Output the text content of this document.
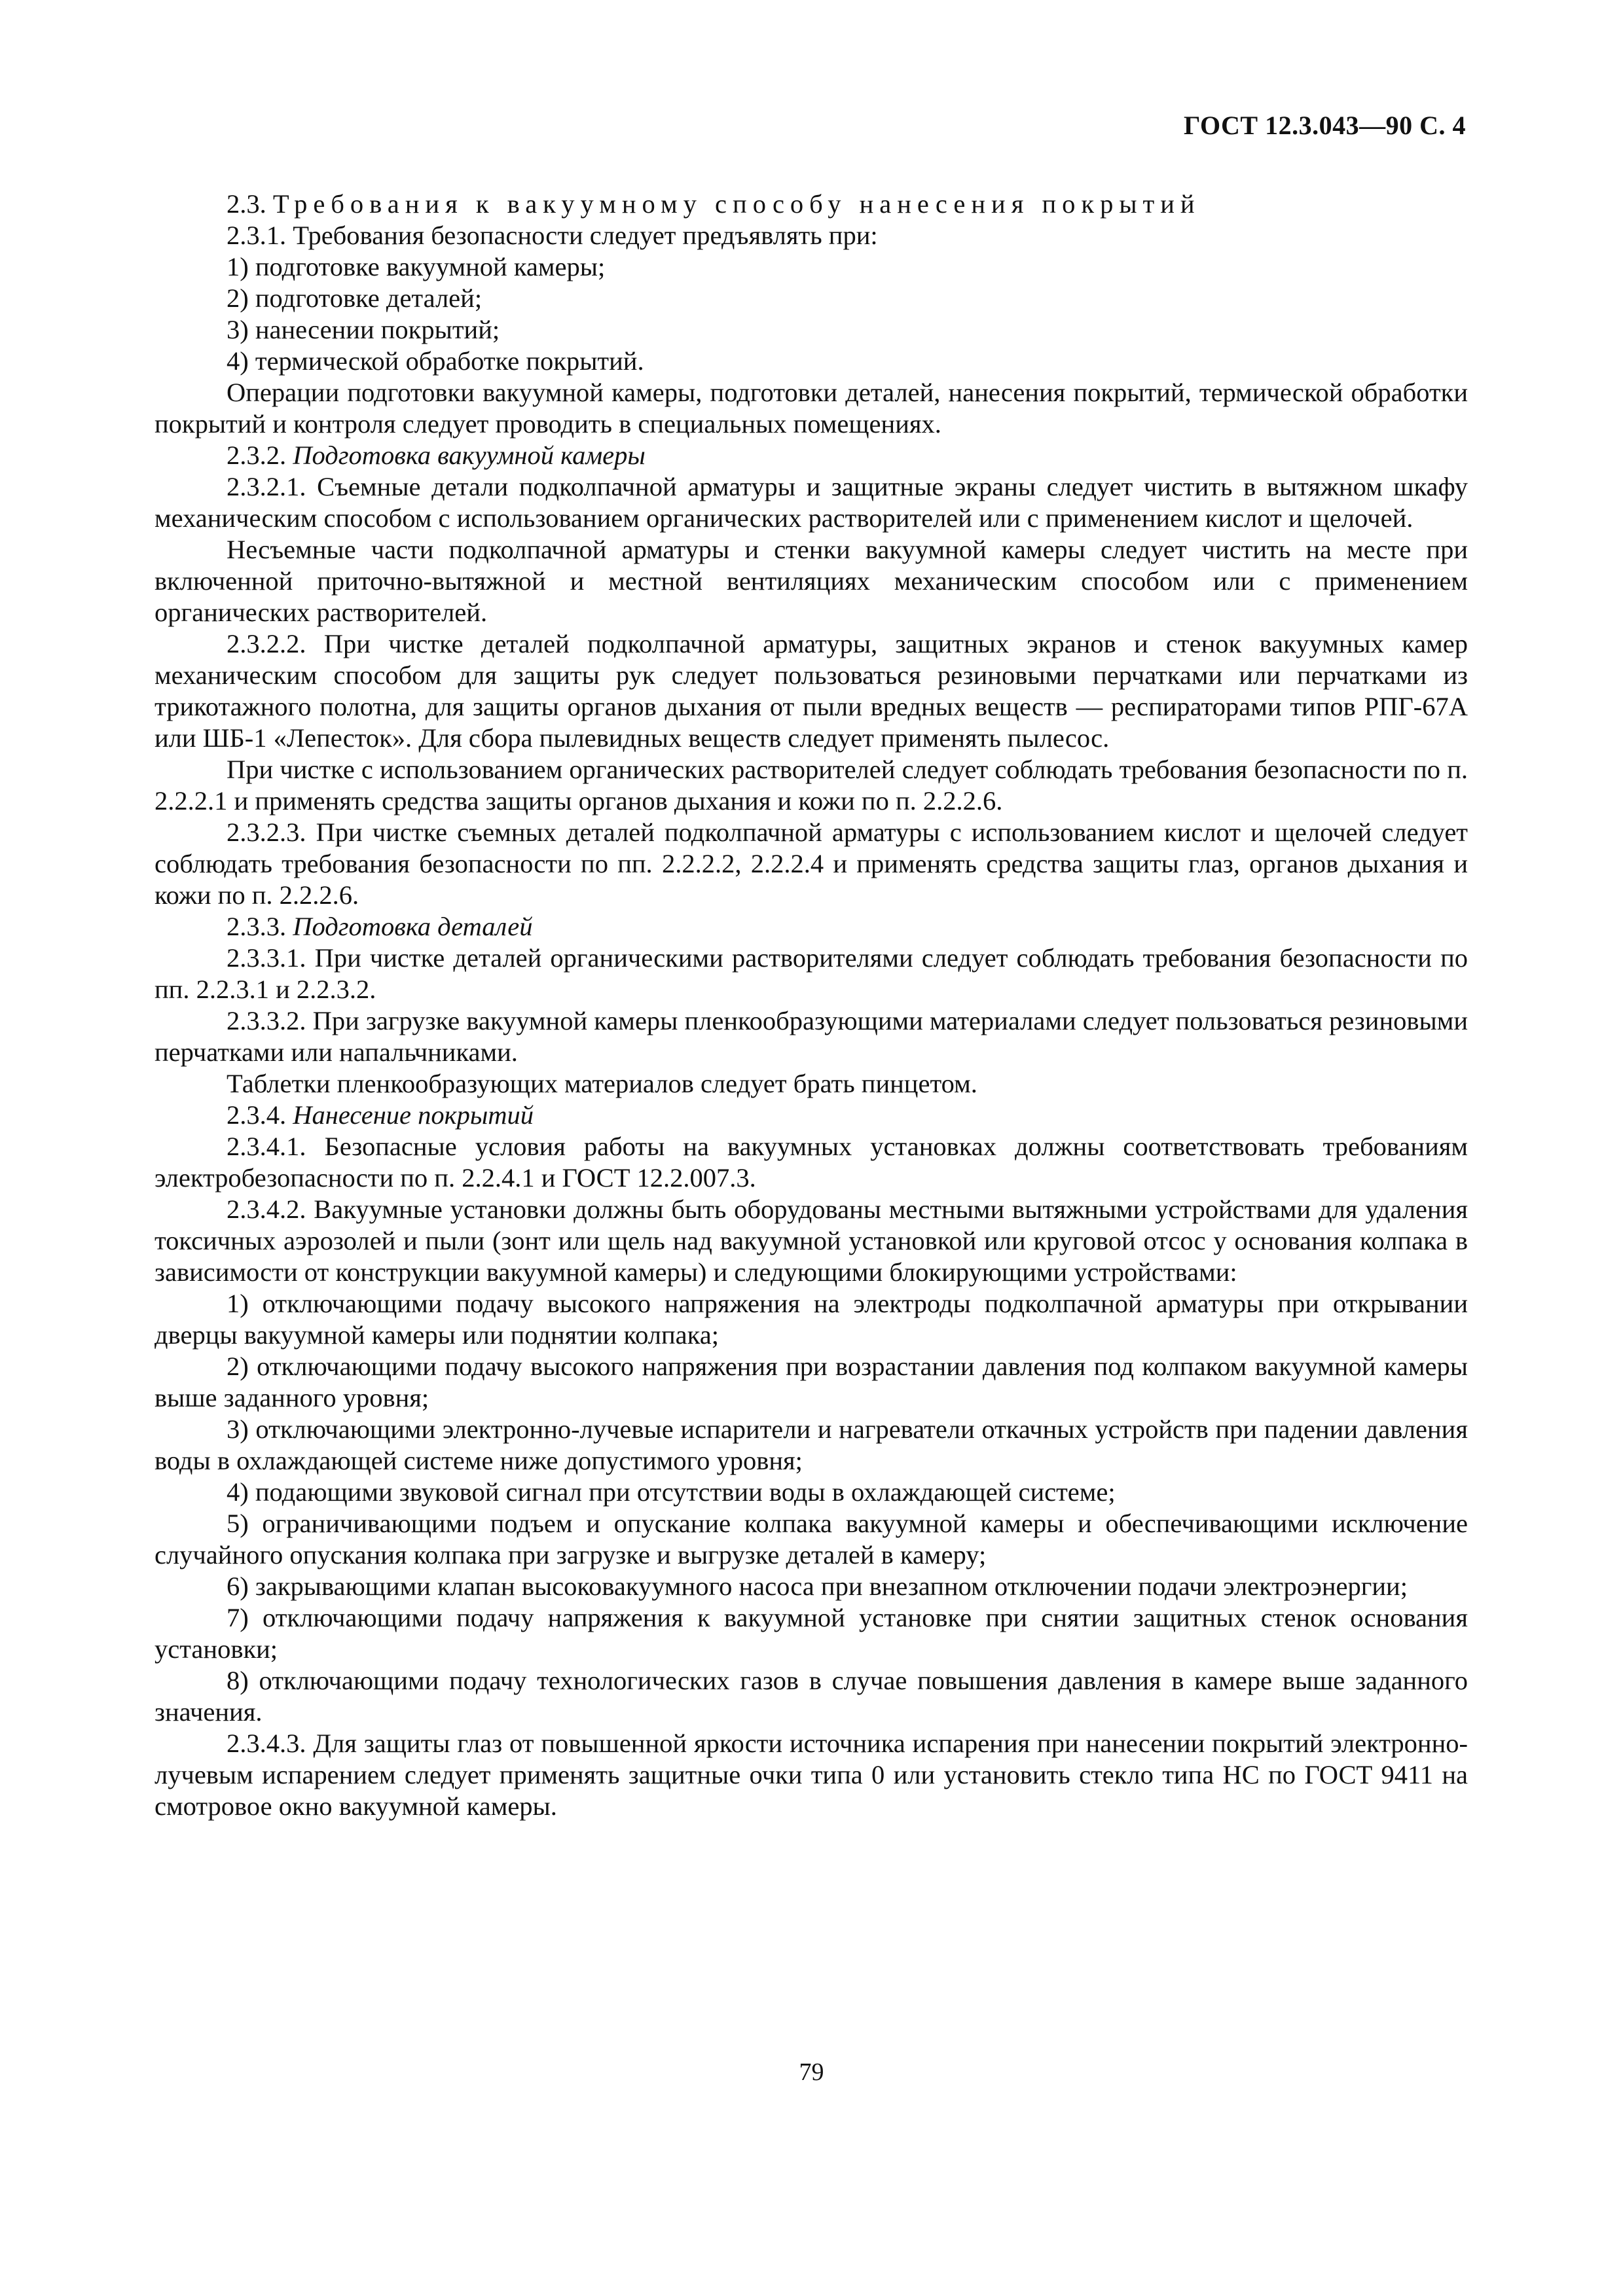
ГОСТ 12.3.043—90 С. 4

2.3. Требования к вакуумному способу нанесения покрытий

2.3.1. Требования безопасности следует предъявлять при:

1) подготовке вакуумной камеры;

2) подготовке деталей;

3) нанесении покрытий;

4) термической обработке покрытий.

Операции подготовки вакуумной камеры, подготовки деталей, нанесения покрытий, термической обработки покрытий и контроля следует проводить в специальных помещениях.

2.3.2. Подготовка вакуумной камеры

2.3.2.1. Съемные детали подколпачной арматуры и защитные экраны следует чистить в вытяжном шкафу механическим способом с использованием органических растворителей или с применением кислот и щелочей.

Несъемные части подколпачной арматуры и стенки вакуумной камеры следует чистить на месте при включенной приточно-вытяжной и местной вентиляциях механическим способом или с применением органических растворителей.

2.3.2.2. При чистке деталей подколпачной арматуры, защитных экранов и стенок вакуумных камер механическим способом для защиты рук следует пользоваться резиновыми перчатками или перчатками из трикотажного полотна, для защиты органов дыхания от пыли вредных веществ — респираторами типов РПГ-67А или ШБ-1 «Лепесток». Для сбора пылевидных веществ следует применять пылесос.

При чистке с использованием органических растворителей следует соблюдать требования безопасности по п. 2.2.2.1 и применять средства защиты органов дыхания и кожи по п. 2.2.2.6.

2.3.2.3. При чистке съемных деталей подколпачной арматуры с использованием кислот и щелочей следует соблюдать требования безопасности по пп. 2.2.2.2, 2.2.2.4 и применять средства защиты глаз, органов дыхания и кожи по п. 2.2.2.6.

2.3.3. Подготовка деталей

2.3.3.1. При чистке деталей органическими растворителями следует соблюдать требования безопасности по пп. 2.2.3.1 и 2.2.3.2.

2.3.3.2. При загрузке вакуумной камеры пленкообразующими материалами следует пользоваться резиновыми перчатками или напальчниками.

Таблетки пленкообразующих материалов следует брать пинцетом.

2.3.4. Нанесение покрытий

2.3.4.1. Безопасные условия работы на вакуумных установках должны соответствовать требованиям электробезопасности по п. 2.2.4.1 и ГОСТ 12.2.007.3.

2.3.4.2. Вакуумные установки должны быть оборудованы местными вытяжными устройствами для удаления токсичных аэрозолей и пыли (зонт или щель над вакуумной установкой или круговой отсос у основания колпака в зависимости от конструкции вакуумной камеры) и следующими блокирующими устройствами:

1) отключающими подачу высокого напряжения на электроды подколпачной арматуры при открывании дверцы вакуумной камеры или поднятии колпака;

2) отключающими подачу высокого напряжения при возрастании давления под колпаком вакуумной камеры выше заданного уровня;

3) отключающими электронно-лучевые испарители и нагреватели откачных устройств при падении давления воды в охлаждающей системе ниже допустимого уровня;

4) подающими звуковой сигнал при отсутствии воды в охлаждающей системе;

5) ограничивающими подъем и опускание колпака вакуумной камеры и обеспечивающими исключение случайного опускания колпака при загрузке и выгрузке деталей в камеру;

6) закрывающими клапан высоковакуумного насоса при внезапном отключении подачи электроэнергии;

7) отключающими подачу напряжения к вакуумной установке при снятии защитных стенок основания установки;

8) отключающими подачу технологических газов в случае повышения давления в камере выше заданного значения.

2.3.4.3. Для защиты глаз от повышенной яркости источника испарения при нанесении покрытий электронно-лучевым испарением следует применять защитные очки типа 0 или установить стекло типа НС по ГОСТ 9411 на смотровое окно вакуумной камеры.

79
